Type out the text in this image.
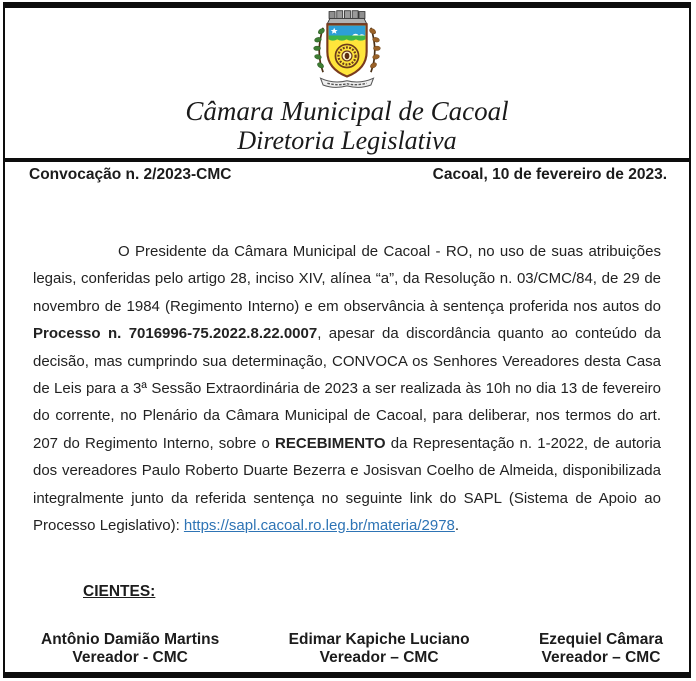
Câmara Municipal de Cacoal
Diretoria Legislativa
Convocação n. 2/2023-CMC	Cacoal, 10 de fevereiro de 2023.

O Presidente da Câmara Municipal de Cacoal - RO, no uso de suas atribuições legais, conferidas pelo artigo 28, inciso XIV, alínea “a”, da Resolução n. 03/CMC/84, de 29 de novembro de 1984 (Regimento Interno) e em observância à sentença proferida nos autos do Processo n. 7016996-75.2022.8.22.0007, apesar da discordância quanto ao conteúdo da decisão, mas cumprindo sua determinação, CONVOCA os Senhores Vereadores desta Casa de Leis para a 3ª Sessão Extraordinária de 2023 a ser realizada às 10h no dia 13 de fevereiro do corrente, no Plenário da Câmara Municipal de Cacoal, para deliberar, nos termos do art. 207 do Regimento Interno, sobre o RECEBIMENTO da Representação n. 1-2022, de autoria dos vereadores Paulo Roberto Duarte Bezerra e Josisvan Coelho de Almeida, disponibilizada integralmente junto da referida sentença no seguinte link do SAPL (Sistema de Apoio ao Processo Legislativo): https://sapl.cacoal.ro.leg.br/materia/2978.

CIENTES:
Antônio Damião Martins
Vereador - CMC
Edimar Kapiche Luciano
Vereador – CMC
Ezequiel Câmara
Vereador – CMC
